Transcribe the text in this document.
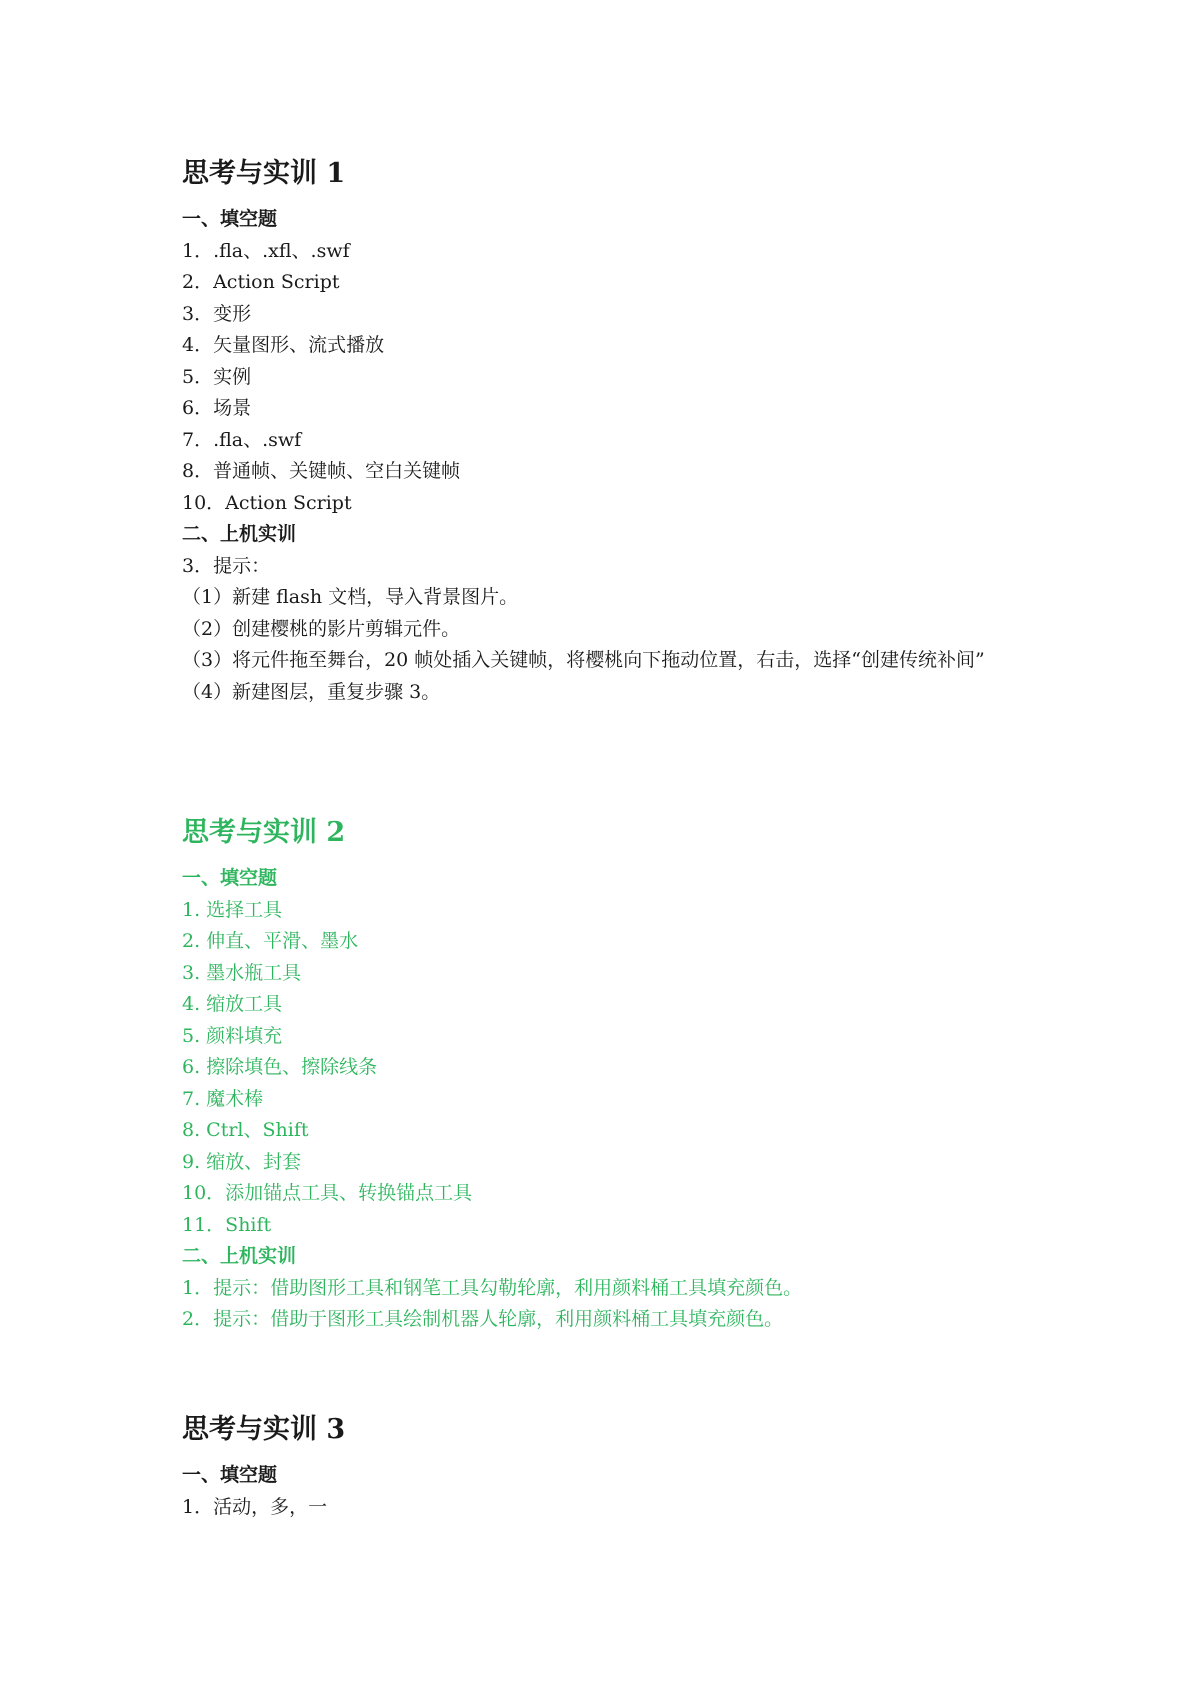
思考与实训 1
一、填空题
1．.fla、.xfl、.swf
2．Action Script
3．变形
4．矢量图形、流式播放
5．实例
6．场景
7．.fla、.swf
8．普通帧、关键帧、空白关键帧
10．Action Script
二、上机实训
3．提示：
（1）新建 flash 文档，导入背景图片。
（2）创建樱桃的影片剪辑元件。
（3）将元件拖至舞台，20 帧处插入关键帧，将樱桃向下拖动位置，右击，选择“创建传统补间”
（4）新建图层，重复步骤 3。
思考与实训 2
一、填空题
1. 选择工具
2. 伸直、平滑、墨水
3. 墨水瓶工具
4. 缩放工具
5. 颜料填充
6. 擦除填色、擦除线条
7. 魔术棒
8. Ctrl、Shift
9. 缩放、封套
10．添加锚点工具、转换锚点工具
11．Shift
二、上机实训
1．提示：借助图形工具和钢笔工具勾勒轮廓，利用颜料桶工具填充颜色。
2．提示：借助于图形工具绘制机器人轮廓，利用颜料桶工具填充颜色。
思考与实训 3
一、填空题
1．活动，多，一
